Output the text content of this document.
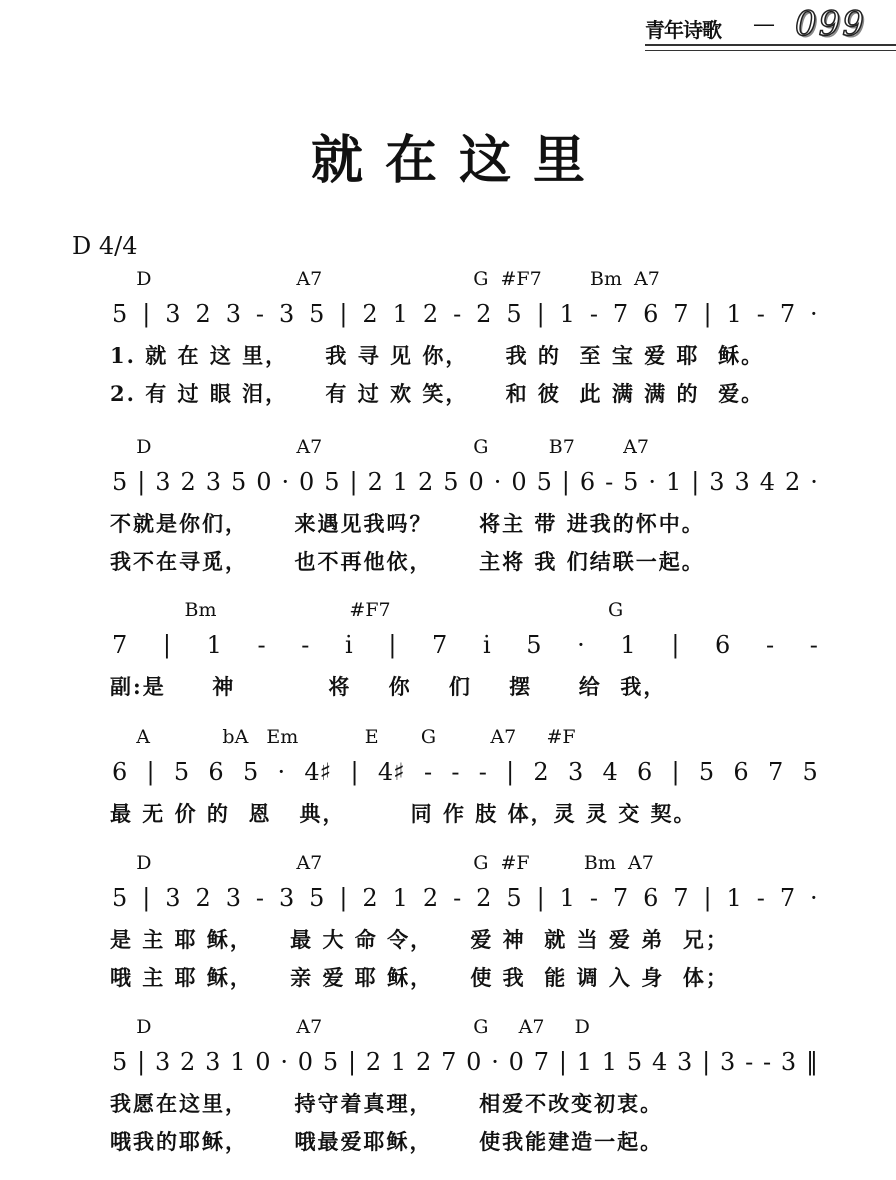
青年诗歌 — 099
就在这里
D 4/4
D                        A7                         G  #F7        Bm  A7
5 | 3 2 3 - 3 5 | 2 1 2 - 2 5 | 1 - 7 6 7 | 1 - 7 ·
1. 就 在 这 里，    我 寻 见 你，    我 的  至 宝 爱 耶  稣。
2. 有 过 眼 泪，    有 过 欢 笑，    和 彼  此 满 满 的  爱。
D                        A7                         G          B7        A7
5 | 3 2 3 5 0 · 0 5 | 2 1 2 5 0 · 0 5 | 6 - 5 · 1 | 3 3 4 2 ·
不就是你们，     来遇见我吗？     将主 带 进我的怀中。
我不在寻觅，     也不再他依，     主将 我 们结联一起。
Bm                      #F7                                    G
7 | 1 - - i | 7 i 5 · 1 | 6 - -
副:是     神          将    你    们    摆     给  我，
A            bA   Em           E       G         A7     #F
6 | 5 6 5 · 4♯ | 4♯ - - - | 2 3 4 6 | 5 6 7 5
最 无 价 的  恩   典，       同 作 肢 体，灵 灵 交 契。
D                        A7                         G  #F         Bm  A7
5 | 3 2 3 - 3 5 | 2 1 2 - 2 5 | 1 - 7 6 7 | 1 - 7 ·
是 主 耶 稣，    最 大 命 令，    爱 神  就 当 爱 弟  兄；
哦 主 耶 稣，    亲 爱 耶 稣，    使 我  能 调 入 身  体；
D                        A7                         G     A7     D
5 | 3 2 3 1 0 · 0 5 | 2 1 2 7 0 · 0 7 | 1 1 5 4 3 | 3 - - 3 ‖
我愿在这里，     持守着真理，     相爱不改变初衷。
哦我的耶稣，     哦最爱耶稣，     使我能建造一起。
